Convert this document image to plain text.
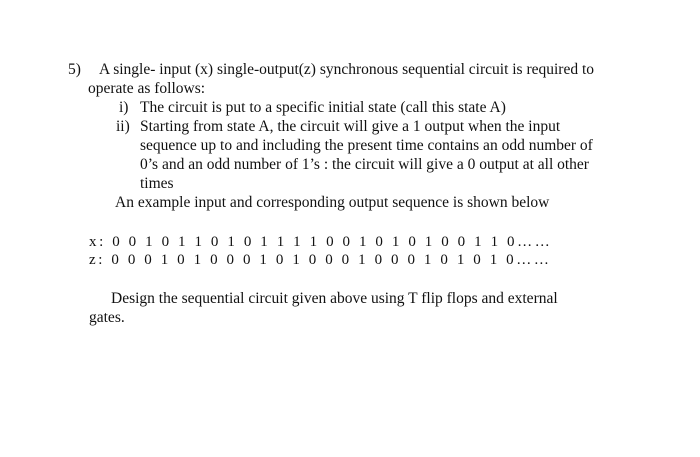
5) A single- input (x) single-output(z) synchronous sequential circuit is required to
operate as follows:
i) The circuit is put to a specific initial state (call this state A)
ii) Starting from state A, the circuit will give a 1 output when the input
sequence up to and including the present time contains an odd number of
0’s and an odd number of 1’s : the circuit will give a 0 output at all other
times
An example input and corresponding output sequence is shown below
x: 0 0 1 0 1 1 0 1 0 1 1 1 1 0 0 1 0 1 0 1 0 0 1 1 0……
z: 0 0 0 1 0 1 0 0 0 1 0 1 0 0 0 1 0 0 0 1 0 1 0 1 0……
Design the sequential circuit given above using T flip flops and external
gates.
